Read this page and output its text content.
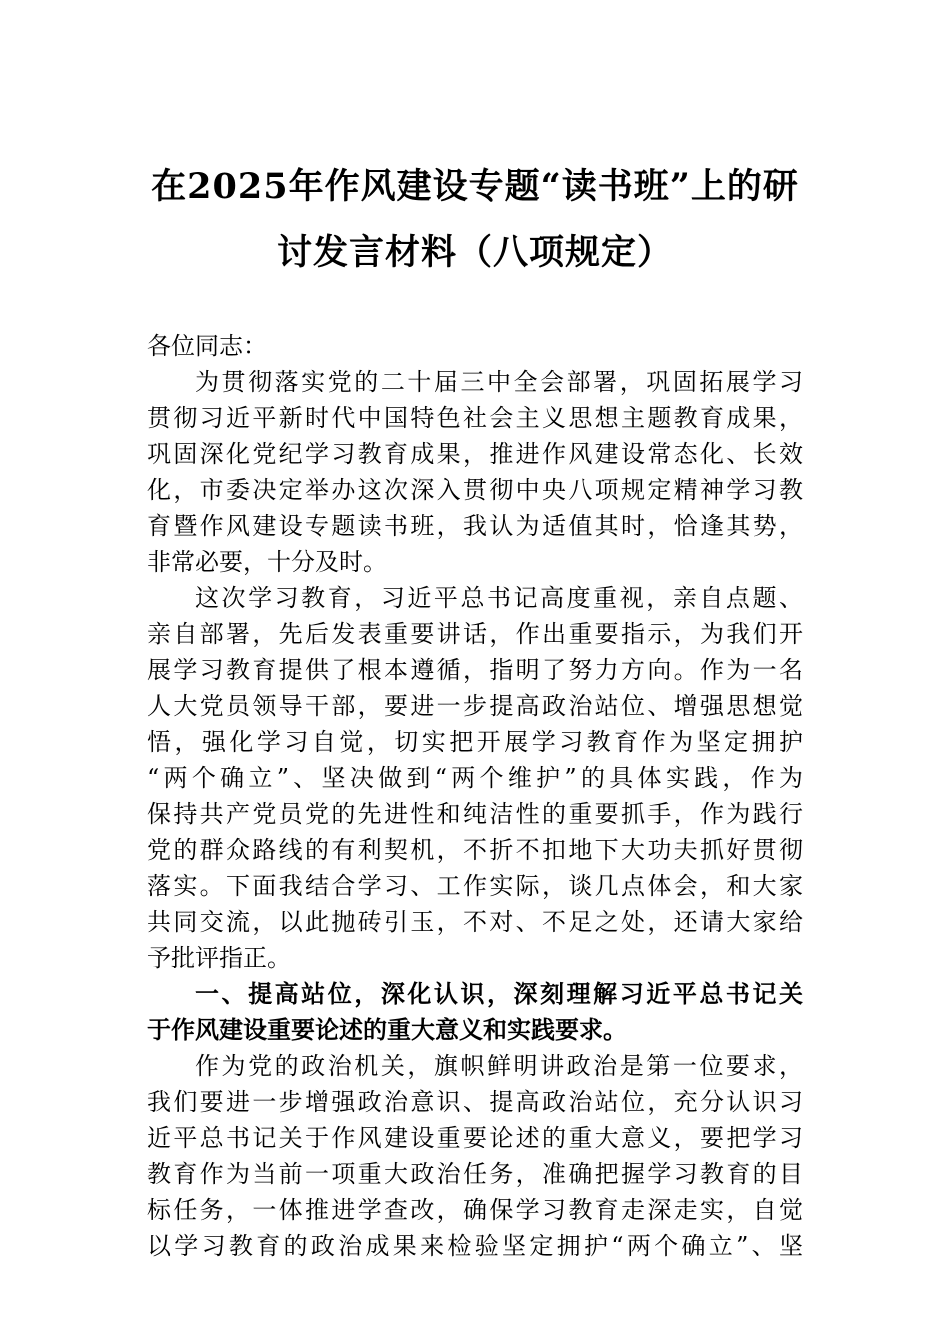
在2025年作风建设专题“读书班”上的研
讨发言材料（八项规定）
各位同志：
为贯彻落实党的二十届三中全会部署，巩固拓展学习
贯彻习近平新时代中国特色社会主义思想主题教育成果，
巩固深化党纪学习教育成果，推进作风建设常态化、长效
化，市委决定举办这次深入贯彻中央八项规定精神学习教
育暨作风建设专题读书班，我认为适值其时，恰逢其势，
非常必要，十分及时。
这次学习教育，习近平总书记高度重视，亲自点题、
亲自部署，先后发表重要讲话，作出重要指示，为我们开
展学习教育提供了根本遵循，指明了努力方向。作为一名
人大党员领导干部，要进一步提高政治站位、增强思想觉
悟，强化学习自觉，切实把开展学习教育作为坚定拥护
“两个确立”、坚决做到“两个维护”的具体实践，作为
保持共产党员党的先进性和纯洁性的重要抓手，作为践行
党的群众路线的有利契机，不折不扣地下大功夫抓好贯彻
落实。下面我结合学习、工作实际，谈几点体会，和大家
共同交流，以此抛砖引玉，不对、不足之处，还请大家给
予批评指正。
一、提高站位，深化认识，深刻理解习近平总书记关
于作风建设重要论述的重大意义和实践要求。
作为党的政治机关，旗帜鲜明讲政治是第一位要求，
我们要进一步增强政治意识、提高政治站位，充分认识习
近平总书记关于作风建设重要论述的重大意义，要把学习
教育作为当前一项重大政治任务，准确把握学习教育的目
标任务，一体推进学查改，确保学习教育走深走实，自觉
以学习教育的政治成果来检验坚定拥护“两个确立”、坚
